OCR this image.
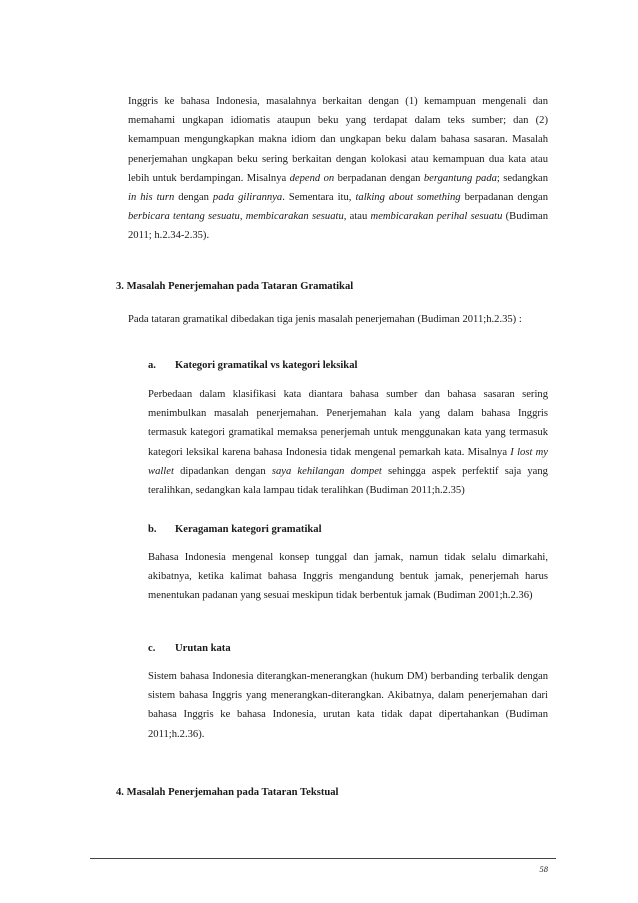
Inggris ke bahasa Indonesia, masalahnya berkaitan dengan (1) kemampuan mengenali dan memahami ungkapan idiomatis ataupun beku yang terdapat dalam teks sumber; dan (2) kemampuan mengungkapkan makna idiom dan ungkapan beku dalam bahasa sasaran. Masalah penerjemahan ungkapan beku sering berkaitan dengan kolokasi atau kemampuan dua kata atau lebih untuk berdampingan. Misalnya depend on berpadanan dengan bergantung pada; sedangkan in his turn dengan pada gilirannya. Sementara itu, talking about something berpadanan dengan berbicara tentang sesuatu, membicarakan sesuatu, atau membicarakan perihal sesuatu (Budiman 2011; h.2.34-2.35).

3. Masalah Penerjemahan pada Tataran Gramatikal

Pada tataran gramatikal dibedakan tiga jenis masalah penerjemahan (Budiman 2011;h.2.35) :

a. Kategori gramatikal vs kategori leksikal

Perbedaan dalam klasifikasi kata diantara bahasa sumber dan bahasa sasaran sering menimbulkan masalah penerjemahan. Penerjemahan kala yang dalam bahasa Inggris termasuk kategori gramatikal memaksa penerjemah untuk menggunakan kata yang termasuk kategori leksikal karena bahasa Indonesia tidak mengenal pemarkah kata. Misalnya I lost my wallet dipadankan dengan saya kehilangan dompet sehingga aspek perfektif saja yang teralihkan, sedangkan kala lampau tidak teralihkan (Budiman 2011;h.2.35)

b. Keragaman kategori gramatikal

Bahasa Indonesia mengenal konsep tunggal dan jamak, namun tidak selalu dimarkahi, akibatnya, ketika kalimat bahasa Inggris mengandung bentuk jamak, penerjemah harus menentukan padanan yang sesuai meskipun tidak berbentuk jamak (Budiman 2001;h.2.36)

c. Urutan kata

Sistem bahasa Indonesia diterangkan-menerangkan (hukum DM) berbanding terbalik dengan sistem bahasa Inggris yang menerangkan-diterangkan. Akibatnya, dalam penerjemahan dari bahasa Inggris ke bahasa Indonesia, urutan kata tidak dapat dipertahankan (Budiman 2011;h.2.36).

4. Masalah Penerjemahan pada Tataran Tekstual
58
